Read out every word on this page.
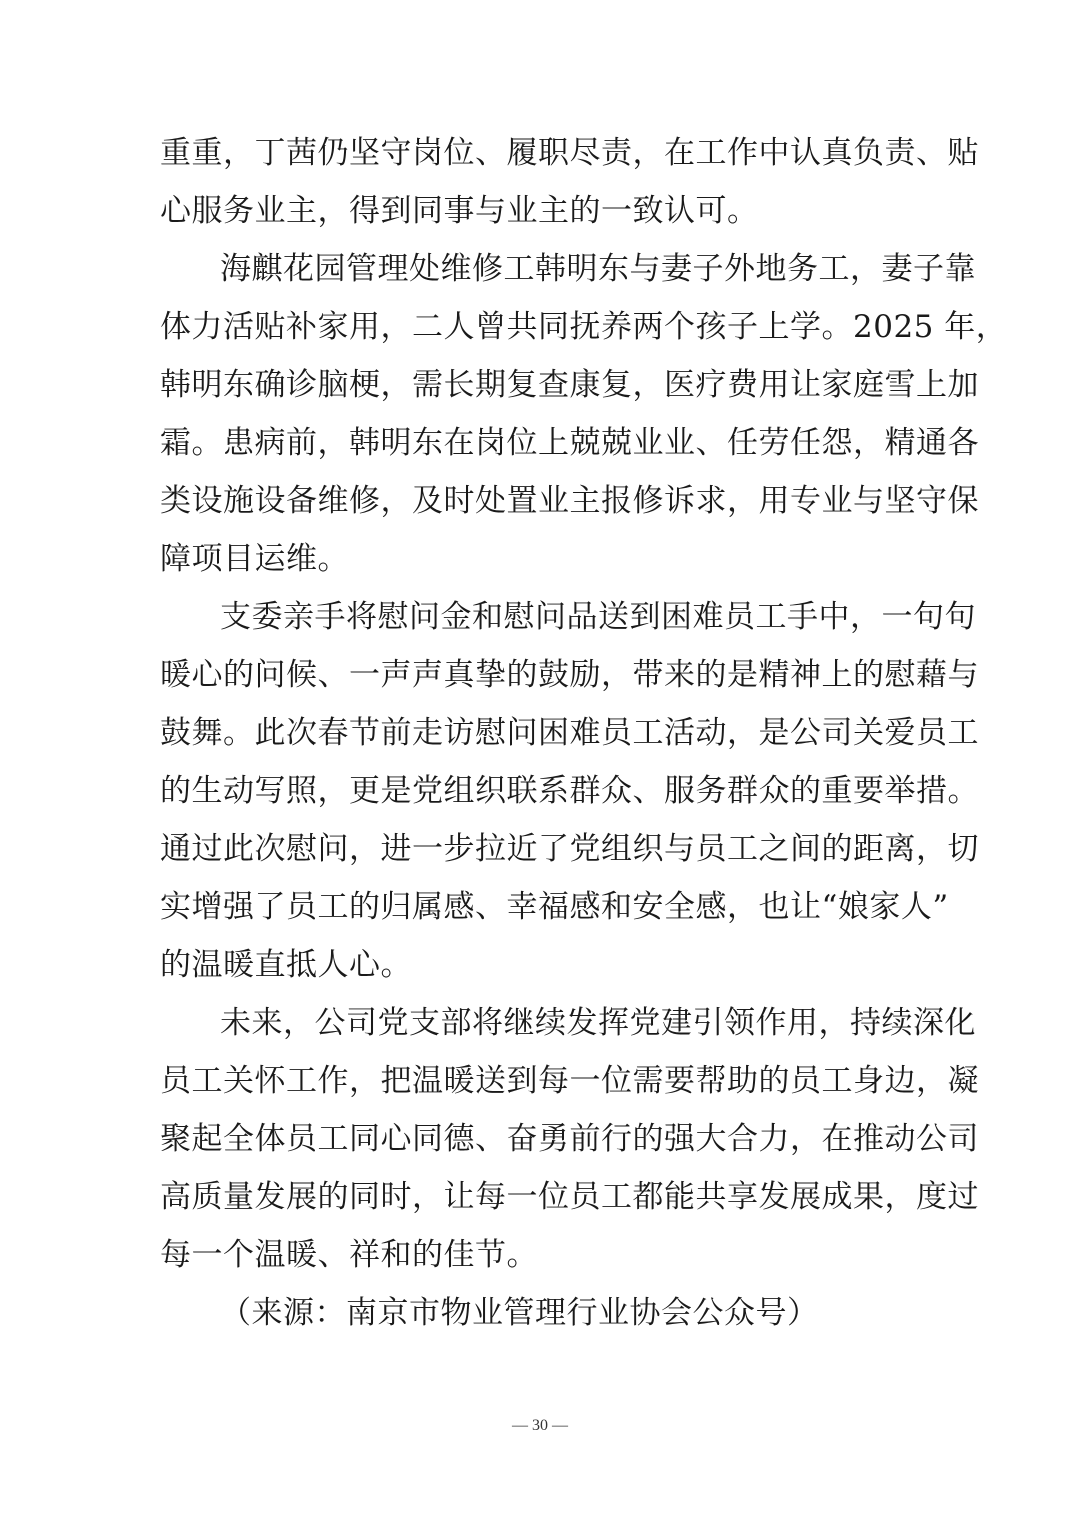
重重，丁茜仍坚守岗位、履职尽责，在工作中认真负责、贴
心服务业主，得到同事与业主的一致认可。
海麒花园管理处维修工韩明东与妻子外地务工，妻子靠
体力活贴补家用，二人曾共同抚养两个孩子上学。2025 年，
韩明东确诊脑梗，需长期复查康复，医疗费用让家庭雪上加
霜。患病前，韩明东在岗位上兢兢业业、任劳任怨，精通各
类设施设备维修，及时处置业主报修诉求，用专业与坚守保
障项目运维。
支委亲手将慰问金和慰问品送到困难员工手中，一句句
暖心的问候、一声声真挚的鼓励，带来的是精神上的慰藉与
鼓舞。此次春节前走访慰问困难员工活动，是公司关爱员工
的生动写照，更是党组织联系群众、服务群众的重要举措。
通过此次慰问，进一步拉近了党组织与员工之间的距离，切
实增强了员工的归属感、幸福感和安全感，也让“娘家人”
的温暖直抵人心。
未来，公司党支部将继续发挥党建引领作用，持续深化
员工关怀工作，把温暖送到每一位需要帮助的员工身边，凝
聚起全体员工同心同德、奋勇前行的强大合力，在推动公司
高质量发展的同时，让每一位员工都能共享发展成果，度过
每一个温暖、祥和的佳节。
（来源：南京市物业管理行业协会公众号）
— 30 —
